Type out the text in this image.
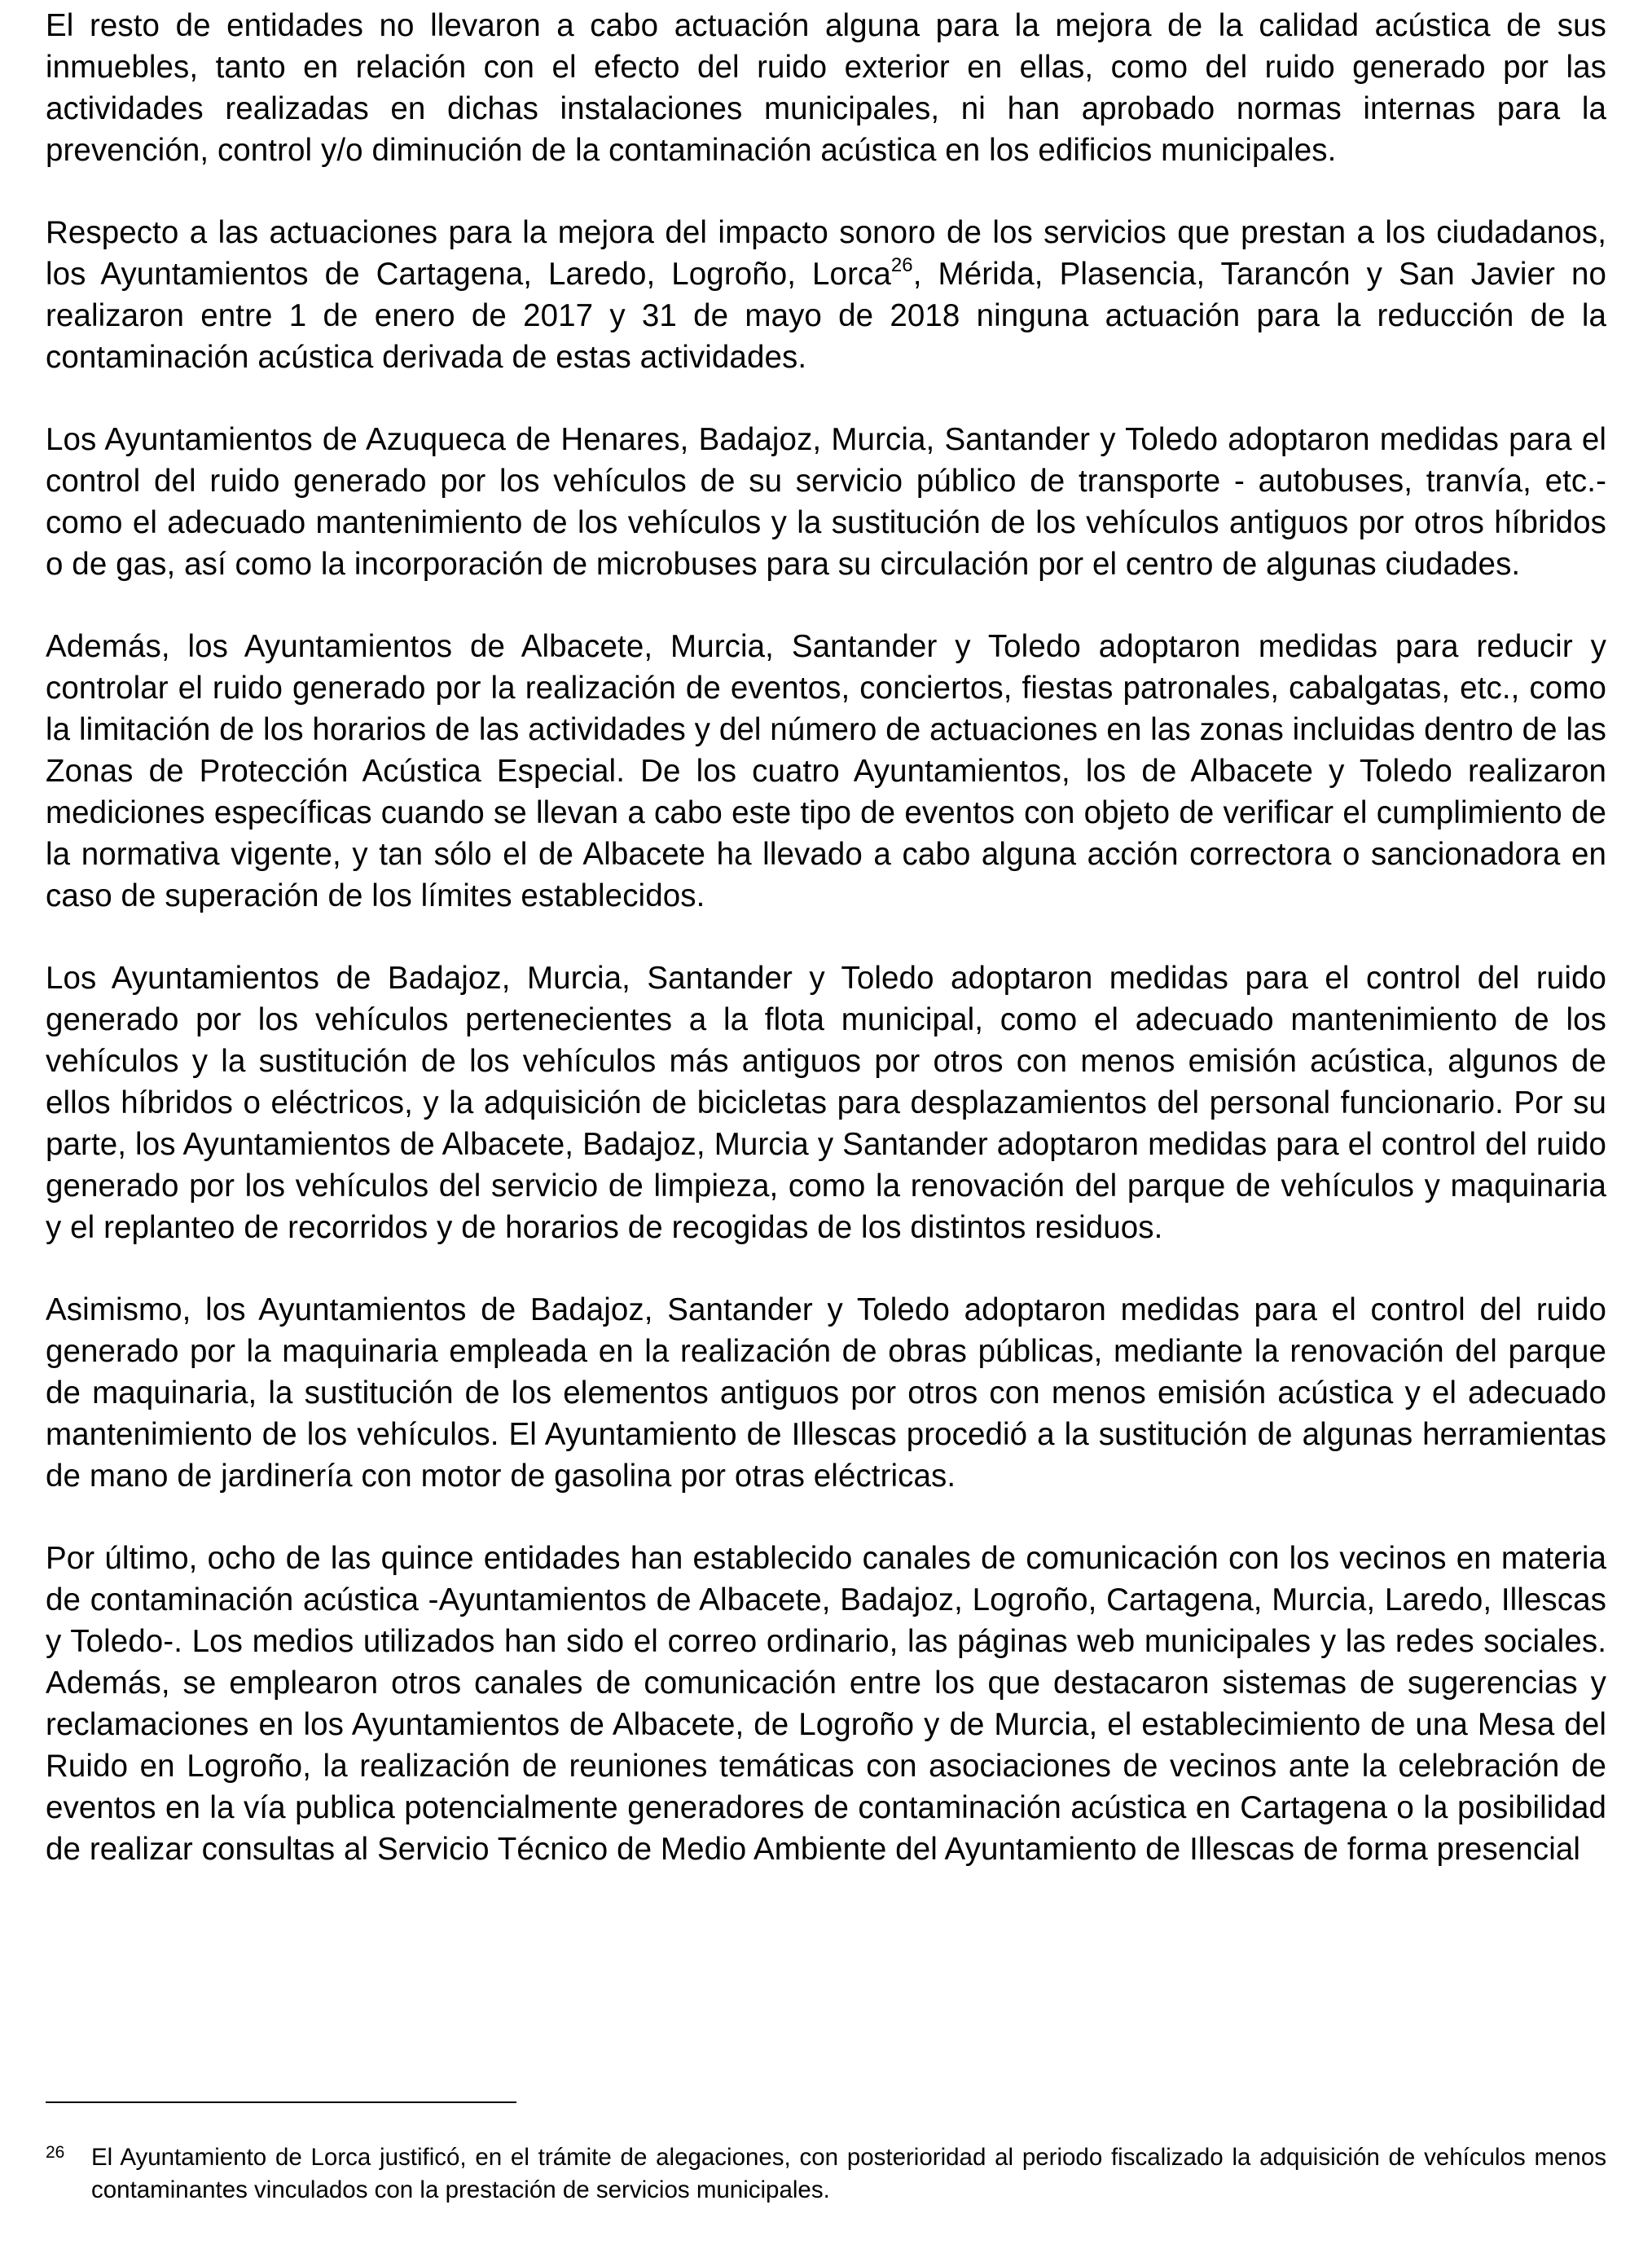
El resto de entidades no llevaron a cabo actuación alguna para la mejora de la calidad acústica de sus inmuebles, tanto en relación con el efecto del ruido exterior en ellas, como del ruido generado por las actividades realizadas en dichas instalaciones municipales, ni han aprobado normas internas para la prevención, control y/o diminución de la contaminación acústica en los edificios municipales.

Respecto a las actuaciones para la mejora del impacto sonoro de los servicios que prestan a los ciudadanos, los Ayuntamientos de Cartagena, Laredo, Logroño, Lorca$^{26}$, Mérida, Plasencia, Tarancón y San Javier no realizaron entre 1 de enero de 2017 y 31 de mayo de 2018 ninguna actuación para la reducción de la contaminación acústica derivada de estas actividades.

Los Ayuntamientos de Azuqueca de Henares, Badajoz, Murcia, Santander y Toledo adoptaron medidas para el control del ruido generado por los vehículos de su servicio público de transporte - autobuses, tranvía, etc.- como el adecuado mantenimiento de los vehículos y la sustitución de los vehículos antiguos por otros híbridos o de gas, así como la incorporación de microbuses para su circulación por el centro de algunas ciudades.

Además, los Ayuntamientos de Albacete, Murcia, Santander y Toledo adoptaron medidas para reducir y controlar el ruido generado por la realización de eventos, conciertos, fiestas patronales, cabalgatas, etc., como la limitación de los horarios de las actividades y del número de actuaciones en las zonas incluidas dentro de las Zonas de Protección Acústica Especial. De los cuatro Ayuntamientos, los de Albacete y Toledo realizaron mediciones específicas cuando se llevan a cabo este tipo de eventos con objeto de verificar el cumplimiento de la normativa vigente, y tan sólo el de Albacete ha llevado a cabo alguna acción correctora o sancionadora en caso de superación de los límites establecidos.

Los Ayuntamientos de Badajoz, Murcia, Santander y Toledo adoptaron medidas para el control del ruido generado por los vehículos pertenecientes a la flota municipal, como el adecuado mantenimiento de los vehículos y la sustitución de los vehículos más antiguos por otros con menos emisión acústica, algunos de ellos híbridos o eléctricos, y la adquisición de bicicletas para desplazamientos del personal funcionario. Por su parte, los Ayuntamientos de Albacete, Badajoz, Murcia y Santander adoptaron medidas para el control del ruido generado por los vehículos del servicio de limpieza, como la renovación del parque de vehículos y maquinaria y el replanteo de recorridos y de horarios de recogidas de los distintos residuos.

Asimismo, los Ayuntamientos de Badajoz, Santander y Toledo adoptaron medidas para el control del ruido generado por la maquinaria empleada en la realización de obras públicas, mediante la renovación del parque de maquinaria, la sustitución de los elementos antiguos por otros con menos emisión acústica y el adecuado mantenimiento de los vehículos. El Ayuntamiento de Illescas procedió a la sustitución de algunas herramientas de mano de jardinería con motor de gasolina por otras eléctricas.

Por último, ocho de las quince entidades han establecido canales de comunicación con los vecinos en materia de contaminación acústica -Ayuntamientos de Albacete, Badajoz, Logroño, Cartagena, Murcia, Laredo, Illescas y Toledo-. Los medios utilizados han sido el correo ordinario, las páginas web municipales y las redes sociales. Además, se emplearon otros canales de comunicación entre los que destacaron sistemas de sugerencias y reclamaciones en los Ayuntamientos de Albacete, de Logroño y de Murcia, el establecimiento de una Mesa del Ruido en Logroño, la realización de reuniones temáticas con asociaciones de vecinos ante la celebración de eventos en la vía publica potencialmente generadores de contaminación acústica en Cartagena o la posibilidad de realizar consultas al Servicio Técnico de Medio Ambiente del Ayuntamiento de Illescas de forma presencial

26 El Ayuntamiento de Lorca justificó, en el trámite de alegaciones, con posterioridad al periodo fiscalizado la adquisición de vehículos menos contaminantes vinculados con la prestación de servicios municipales.
